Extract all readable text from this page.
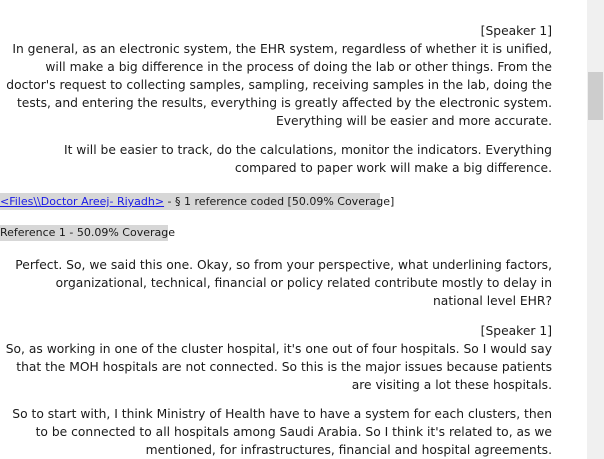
[Speaker 1]
In general, as an electronic system, the EHR system, regardless of whether it is unified, will make a big difference in the process of doing the lab or other things. From the doctor's request to collecting samples, sampling, receiving samples in the lab, doing the tests, and entering the results, everything is greatly affected by the electronic system. Everything will be easier and more accurate.
It will be easier to track, do the calculations, monitor the indicators. Everything compared to paper work will make a big difference.
<Files\\Doctor Areej- Riyadh> - § 1 reference coded [50.09% Coverage]
Reference 1 - 50.09% Coverage
Perfect. So, we said this one. Okay, so from your perspective, what underlining factors, organizational, technical, financial or policy related contribute mostly to delay in national level EHR?
[Speaker 1]
So, as working in one of the cluster hospital, it's one out of four hospitals. So I would say that the MOH hospitals are not connected. So this is the major issues because patients are visiting a lot these hospitals.
So to start with, I think Ministry of Health have to have a system for each clusters, then to be connected to all hospitals among Saudi Arabia. So I think it's related to, as we mentioned, for infrastructures, financial and hospital agreements.
